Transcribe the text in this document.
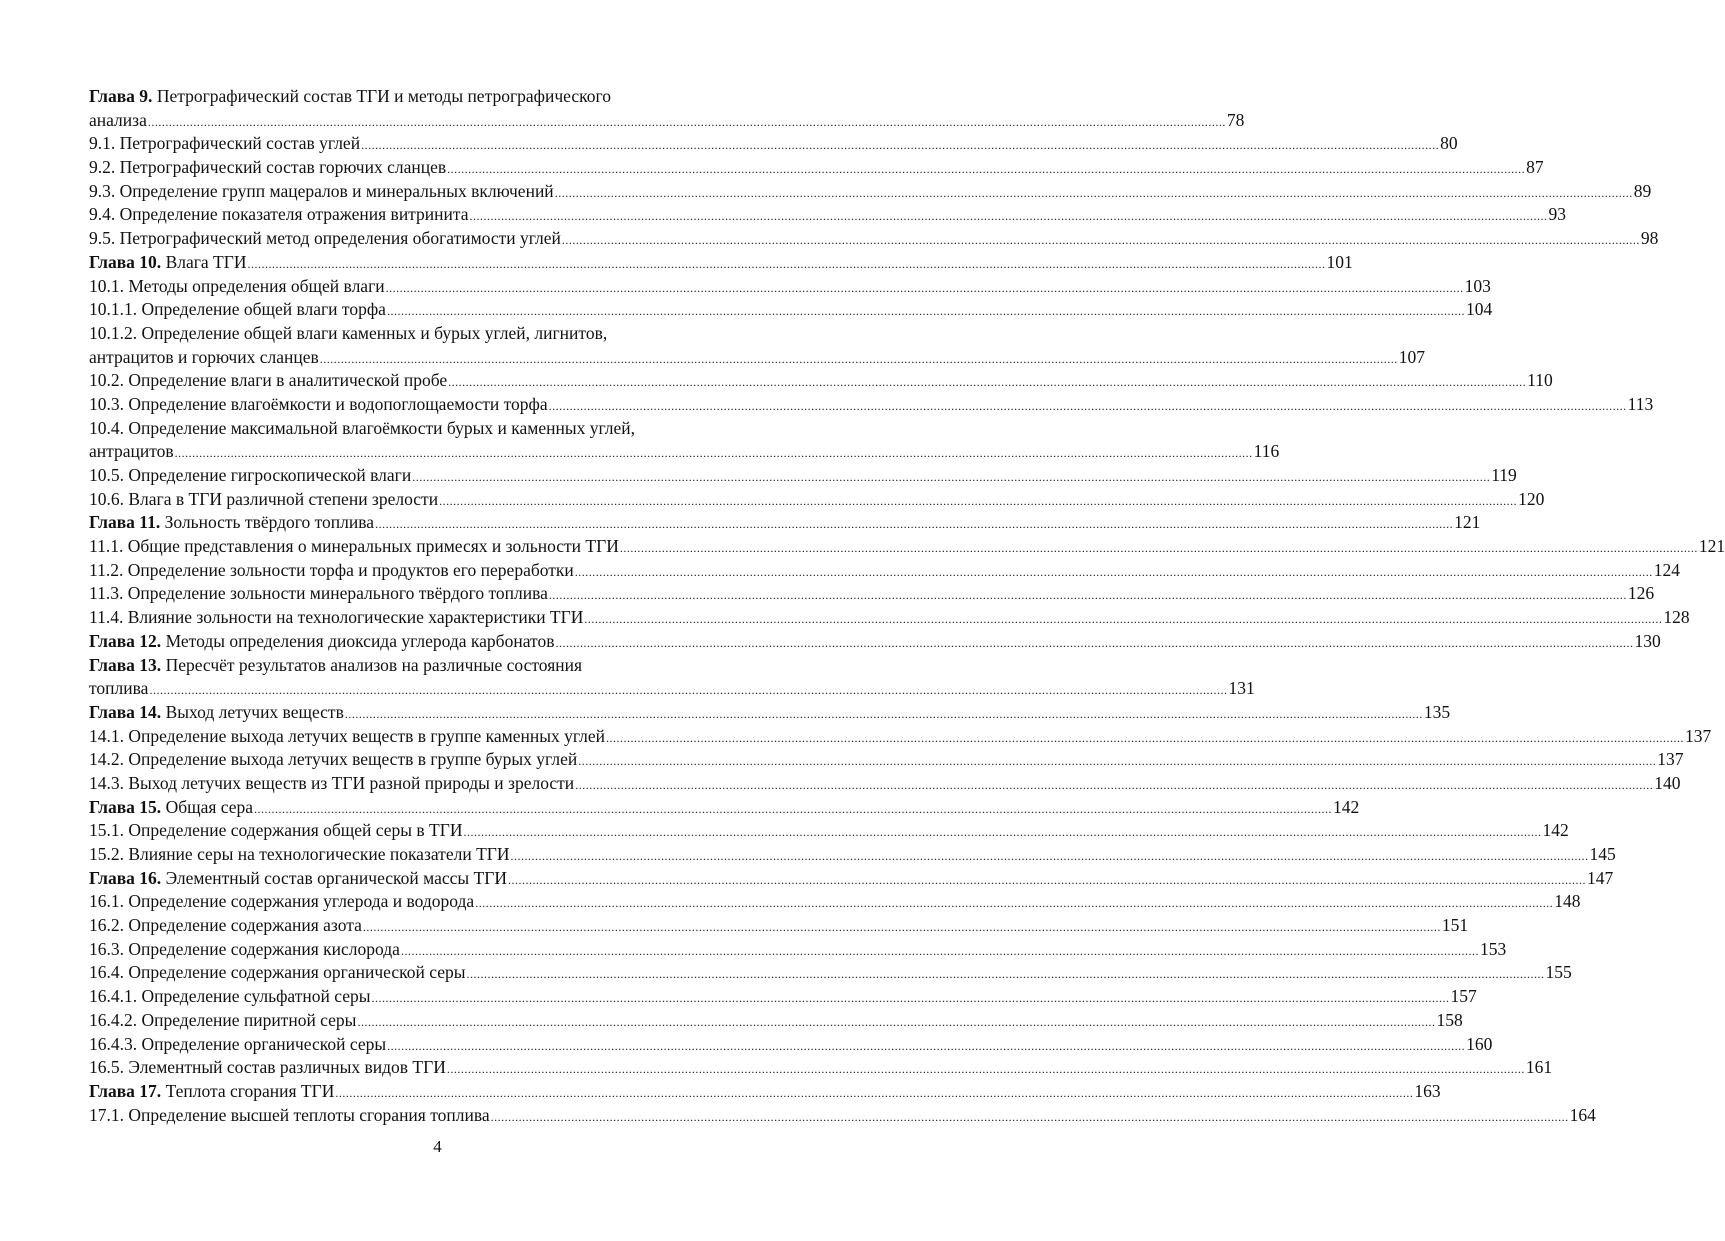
Глава 9. Петрографический состав ТГИ и методы петрографического
анализа .....	78
9.1. Петрографический состав углей .....	80
9.2. Петрографический состав горючих сланцев .....	87
9.3. Определение групп мацералов и минеральных включений .....	89
9.4. Определение показателя отражения витринита .....	93
9.5. Петрографический метод определения обогатимости углей .....	98
Глава 10. Влага ТГИ .....	101
10.1. Методы определения общей влаги .....	103
10.1.1. Определение общей влаги торфа .....	104
10.1.2. Определение общей влаги каменных и бурых углей, лигнитов,
антрацитов и горючих сланцев .....	107
10.2. Определение влаги в аналитической пробе .....	110
10.3. Определение влагоёмкости и водопоглощаемости торфа .....	113
10.4. Определение максимальной влагоёмкости бурых и каменных углей,
антрацитов .....	116
10.5. Определение гигроскопической влаги .....	119
10.6. Влага в ТГИ различной степени зрелости .....	120
Глава 11. Зольность твёрдого топлива .....	121
11.1. Общие представления о минеральных примесях и зольности ТГИ .....	121
11.2. Определение зольности торфа и продуктов его переработки .....	124
11.3. Определение зольности минерального твёрдого топлива .....	126
11.4. Влияние зольности на технологические характеристики ТГИ .....	128
Глава 12. Методы определения диоксида углерода карбонатов .....	130
Глава 13. Пересчёт результатов анализов на различные состояния
топлива .....	131
Глава 14. Выход летучих веществ .....	135
14.1. Определение выхода летучих веществ в группе каменных углей .....	137
14.2. Определение выхода летучих веществ в группе бурых углей .....	137
14.3. Выход летучих веществ из ТГИ разной природы и зрелости .....	140
Глава 15. Общая сера .....	142
15.1. Определение содержания общей серы в ТГИ .....	142
15.2. Влияние серы на технологические показатели ТГИ .....	145
Глава 16. Элементный состав органической массы ТГИ .....	147
16.1. Определение содержания углерода и водорода .....	148
16.2. Определение содержания азота .....	151
16.3. Определение содержания кислорода .....	153
16.4. Определение содержания органической серы .....	155
16.4.1. Определение сульфатной серы .....	157
16.4.2. Определение пиритной серы .....	158
16.4.3. Определение органической серы .....	160
16.5. Элементный состав различных видов ТГИ .....	161
Глава 17. Теплота сгорания ТГИ .....	163
17.1. Определение высшей теплоты сгорания топлива .....	164
4
